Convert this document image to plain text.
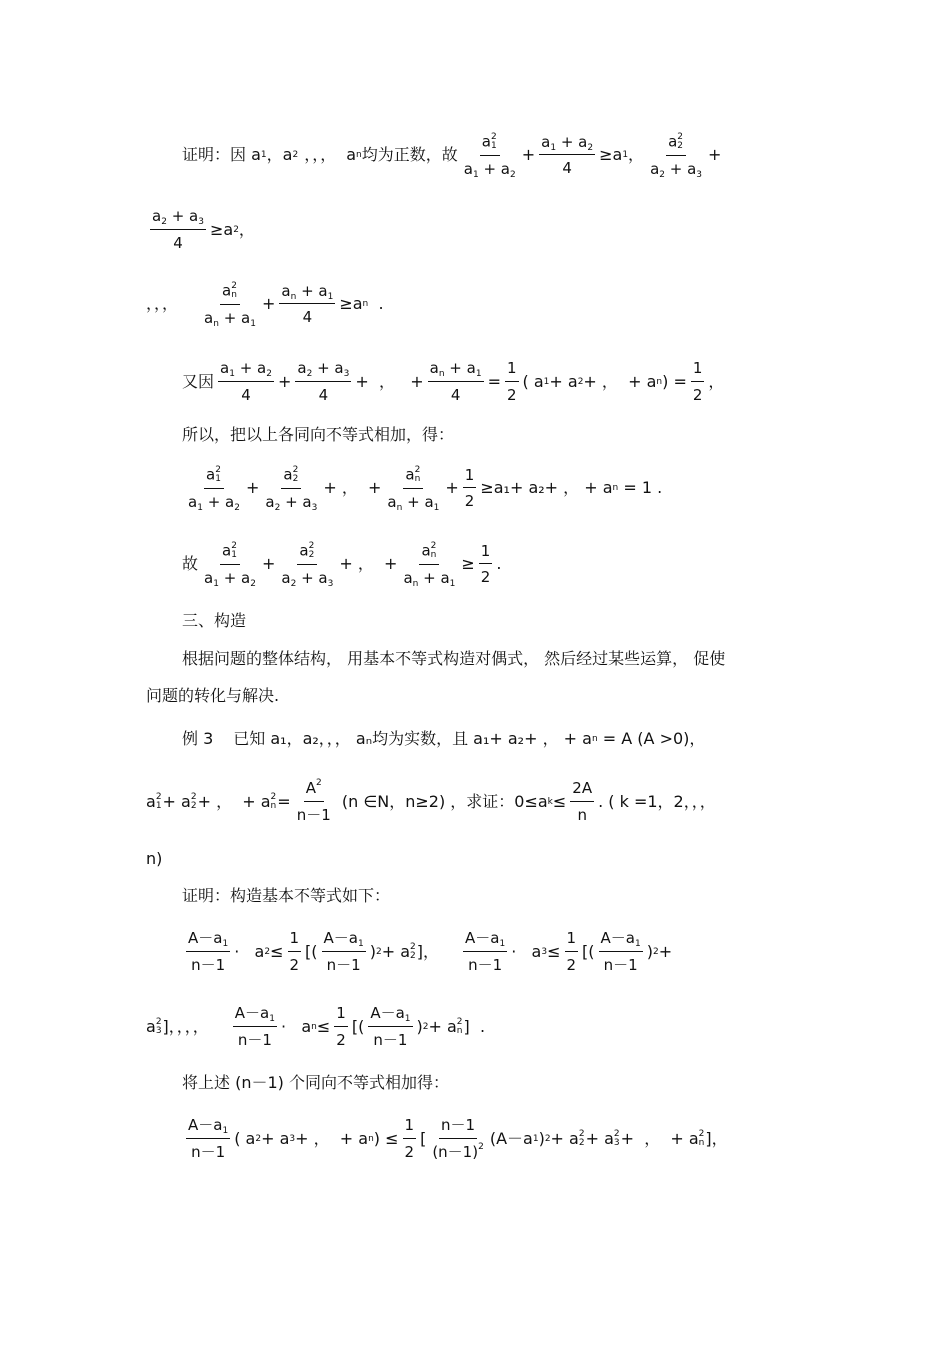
证明：因 a 1 ，a 2 ，，， a n 均为正数，故
a 2
1
$a_1 + a_2$
+ $\frac{a_1 + a_2}{4} \ge a$ 1 ，
a 2
2
$a_2 + a_3$
+
$\frac{a_2 + a_3}{4} \ge a$ 2 ，
，，，
a 2
n
$a_n + a_1$
+
$a_n + a_1$
4
≥a n .
又因
$a_1 + a_2$
4
+
$a_2 + a_3$
4
+  ，   + $\frac{a_n + a_1}{4} = \frac{1}{2}$ ( a 1 + a 2 + ，  + a n ) =
1
2
，
所以，把以上各同向不等式相加，得：
a 2
1
$a_1 + a_2$
+
a 2
2
$a_2 + a_3$
+ ，  +
a 2
n
$a_n + a_1$
+ $\frac{1}{2} \ge a_1+ a_2+$ ， + a n
= 1 .
故
a 2
1
$a_1 + a_2$
+
a 2
2
$a_2 + a_3$
+ ，  +
a 2
n
$a_n + a_1$
≥
1
2
.
三、构造
根据问题的整体结构， 用基本不等式构造对偶式， 然后经过某些运算， 促使
问题的转化与解决.
例 3 已知 a₁，a₂，，， aₙ均为实数，且 a₁+ a₂+ ， + a n
= A (A >0)，
a 2
1 + a 2
2 + ，  + a 2
n =
$A^2$
n－1

(n ∈N，n≥2) ，求证：0≤a k ≤
2A
n
. ( k =1，2，，，
n)
证明：构造基本不等式如下：
$A-a_1$
n－1
·   a 2 ≤
1
2
[(
$A-a_1$
n－1
) 2 + a 2
2 ]，
$A-a_1$
n－1
·   a 3 ≤
1
2
[(
$A-a_1$
n－1
) 2 +
a 2
3 ]，，，，
$A-a_1$
n－1
·   a n ≤
1
2
[(
$A-a_1$
n－1
) 2 + a 2
n ]  .
将上述 (n－1) 个同向不等式相加得：
$A-a_1$
n－1
( a 2 + a 3 + ，  + a n ) ≤
1
2
[
n－1
$(n-1)^2$ (A－a 1 ) 2 + a 2
2 + a 2
3 +  ，  + a 2
n ]，
